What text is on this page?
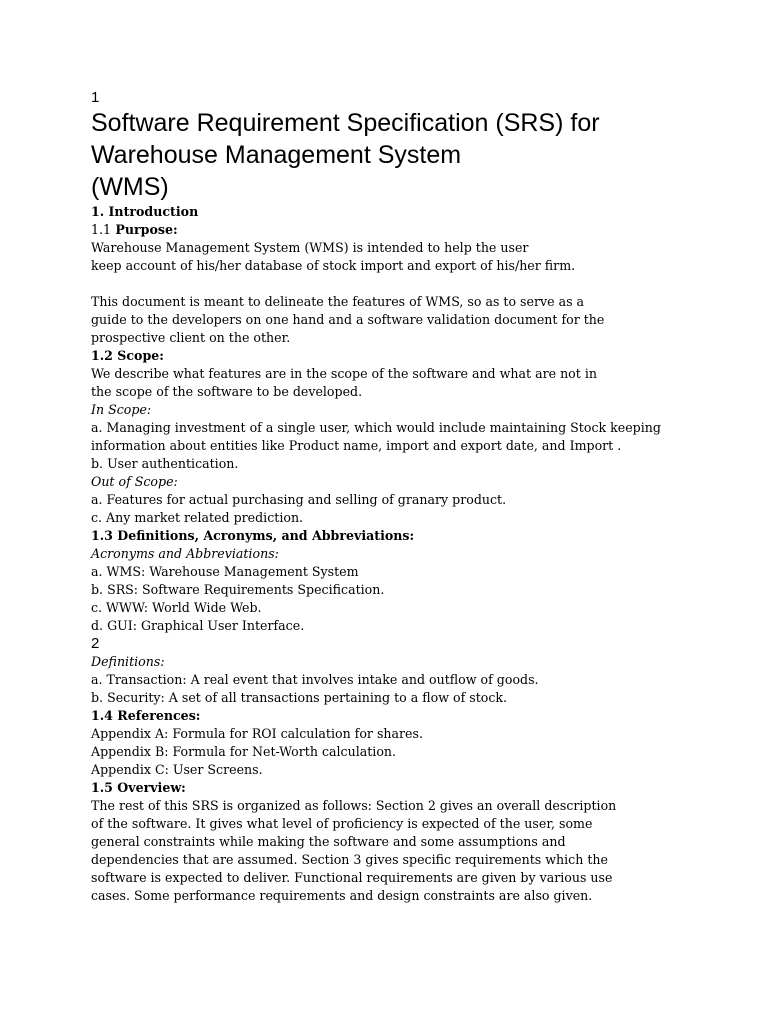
1

Software Requirement Specification (SRS) for

Warehouse Management System

(WMS)

1. Introduction

1.1 Purpose:

Warehouse Management System (WMS) is intended to help the user

keep account of his/her database of stock import and export of his/her firm.

This document is meant to delineate the features of WMS, so as to serve as a

guide to the developers on one hand and a software validation document for the

prospective client on the other.

1.2 Scope:

We describe what features are in the scope of the software and what are not in

the scope of the software to be developed.

In Scope:

a. Managing investment of a single user, which would include maintaining Stock keeping

information about entities like Product name, import and export date, and Import .

b. User authentication.

Out of Scope:

a. Features for actual purchasing and selling of granary product.

c. Any market related prediction.

1.3 Definitions, Acronyms, and Abbreviations:

Acronyms and Abbreviations:

a. WMS: Warehouse Management System

b. SRS: Software Requirements Specification.

c. WWW: World Wide Web.

d. GUI: Graphical User Interface.

2

Definitions:

a. Transaction: A real event that involves intake and outflow of goods.

b. Security: A set of all transactions pertaining to a flow of stock.

1.4 References:

Appendix A: Formula for ROI calculation for shares.

Appendix B: Formula for Net-Worth calculation.

Appendix C: User Screens.

1.5 Overview:

The rest of this SRS is organized as follows: Section 2 gives an overall description

of the software. It gives what level of proficiency is expected of the user, some

general constraints while making the software and some assumptions and

dependencies that are assumed. Section 3 gives specific requirements which the

software is expected to deliver. Functional requirements are given by various use

cases. Some performance requirements and design constraints are also given.
